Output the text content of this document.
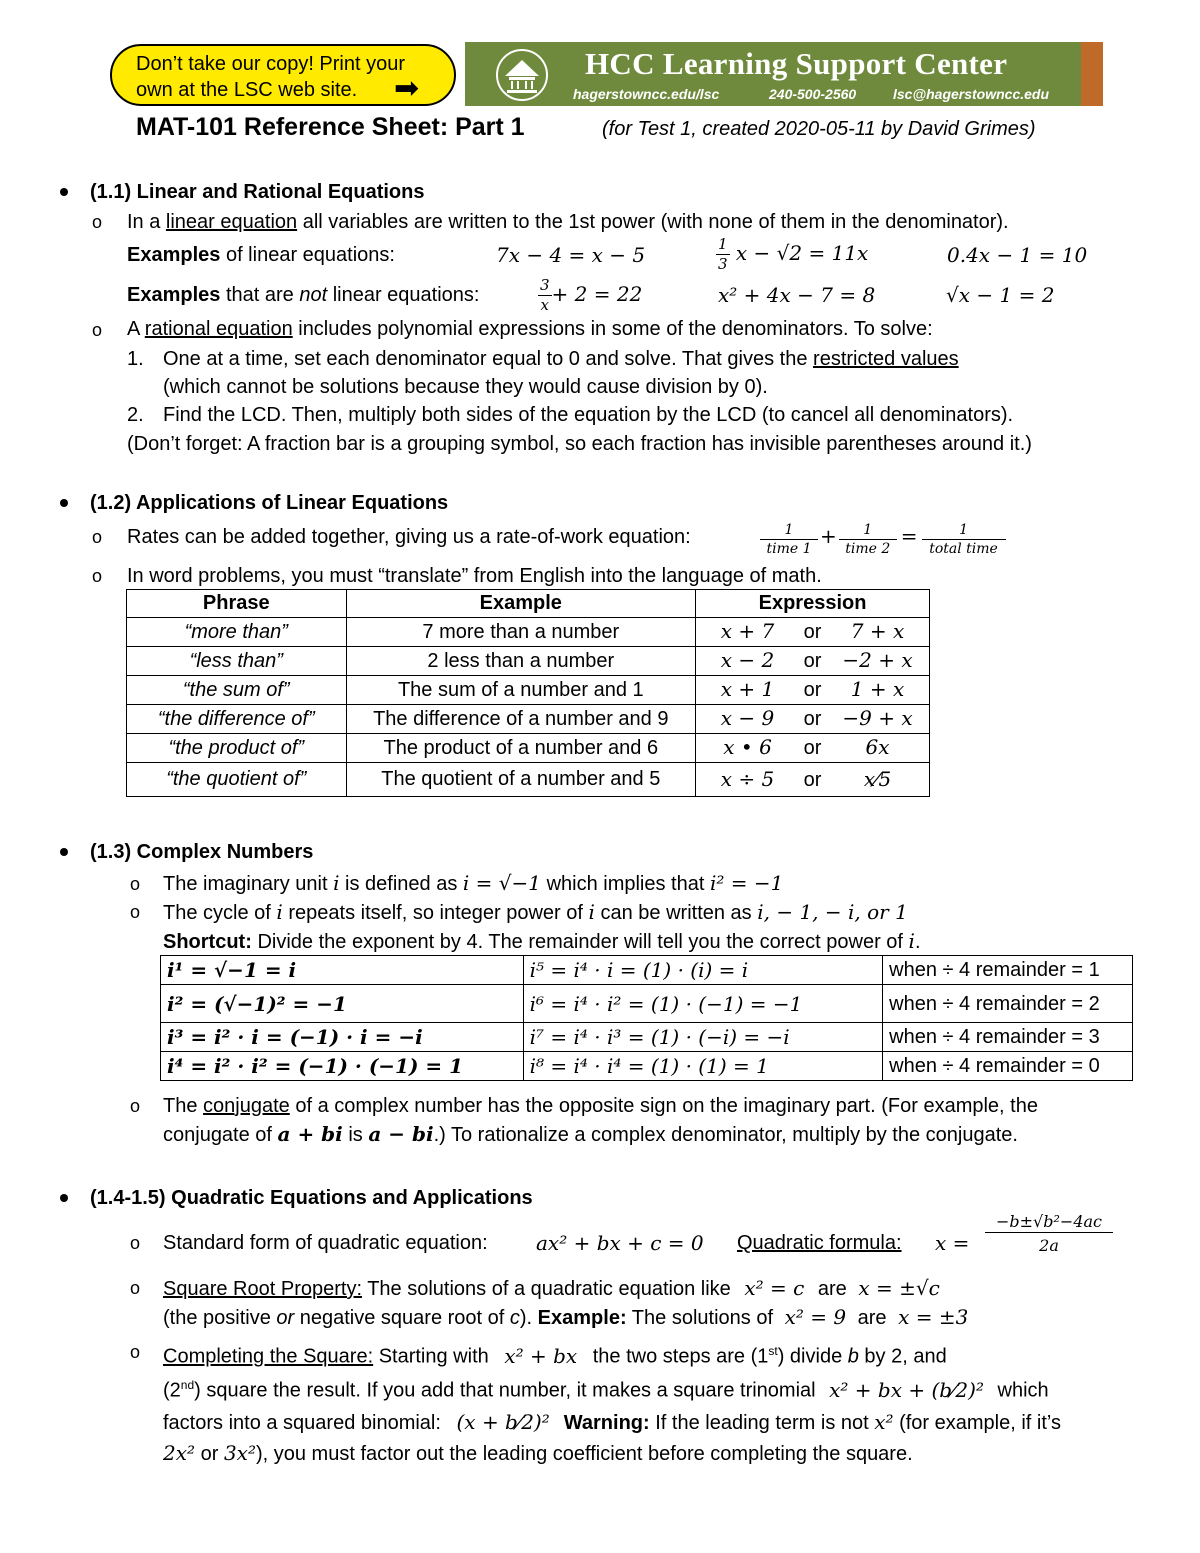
Don’t take our copy! Print your
own at the LSC web site.	➡
HCC Learning Support Center
hagerstowncc.edu/lsc	240-500-2560	lsc@hagerstowncc.edu
MAT-101 Reference Sheet: Part 1	(for Test 1, created 2020-05-11 by David Grimes)
(1.1) Linear and Rational Equations
o In a linear equation all variables are written to the 1st power (with none of them in the denominator).
Examples of linear equations:	7x − 4 = x − 5	$\frac{1}{3}$ x − √2 = 11x	0.4x − 1 = 10
Examples that are not linear equations:	$\frac{3}{x} + 2 = 22$	x² + 4x − 7 = 8	√x − 1 = 2
o A rational equation includes polynomial expressions in some of the denominators. To solve:
1. One at a time, set each denominator equal to 0 and solve. That gives the restricted values
(which cannot be solutions because they would cause division by 0).
2. Find the LCD. Then, multiply both sides of the equation by the LCD (to cancel all denominators).
(Don’t forget: A fraction bar is a grouping symbol, so each fraction has invisible parentheses around it.)
(1.2) Applications of Linear Equations
o Rates can be added together, giving us a rate-of-work equation:	$\frac{1}{\text{time 1}} + \frac{1}{\text{time 2}} = \frac{1}{\text{total time}}$
o In word problems, you must “translate” from English into the language of math.
Phrase	Example	Expression
“more than”	7 more than a number	x + 7 or 7 + x
“less than”	2 less than a number	x − 2 or −2 + x
“the sum of”	The sum of a number and 1	x + 1 or 1 + x
“the difference of”	The difference of a number and 9	x − 9 or −9 + x
“the product of”	The product of a number and 6	x • 6 or 6x
“the quotient of”	The quotient of a number and 5	x ÷ 5 or x⁄5
(1.3) Complex Numbers
o The imaginary unit i is defined as i = √−1 which implies that i² = −1
o The cycle of i repeats itself, so integer power of i can be written as i, − 1, − i, or 1
Shortcut: Divide the exponent by 4. The remainder will tell you the correct power of i.
i¹ = √−1 = i	i⁵ = i⁴ · i = (1) · (i) = i	when ÷ 4 remainder = 1
i² = (√−1)² = −1	i⁶ = i⁴ · i² = (1) · (−1) = −1	when ÷ 4 remainder = 2
i³ = i² · i = (−1) · i = −i	i⁷ = i⁴ · i³ = (1) · (−i) = −i	when ÷ 4 remainder = 3
i⁴ = i² · i² = (−1) · (−1) = 1	i⁸ = i⁴ · i⁴ = (1) · (1) = 1	when ÷ 4 remainder = 0
o The conjugate of a complex number has the opposite sign on the imaginary part. (For example, the
conjugate of a + bi is a − bi.) To rationalize a complex denominator, multiply by the conjugate.
(1.4-1.5) Quadratic Equations and Applications
o Standard form of quadratic equation: ax² + bx + c = 0 Quadratic formula: $x = \frac{\text{−b±√b²−4ac}}{2a}$
o Square Root Property: The solutions of a quadratic equation like x² = c are x = ±√c
(the positive or negative square root of c). Example: The solutions of x² = 9 are x = ±3
o Completing the Square: Starting with x² + bx the two steps are (1st) divide b by 2, and
(2nd) square the result. If you add that number, it makes a square trinomial x² + bx + (b⁄2)² which
factors into a squared binomial: (x + b⁄2)² Warning: If the leading term is not x² (for example, if it’s
2x² or 3x²), you must factor out the leading coefficient before completing the square.
